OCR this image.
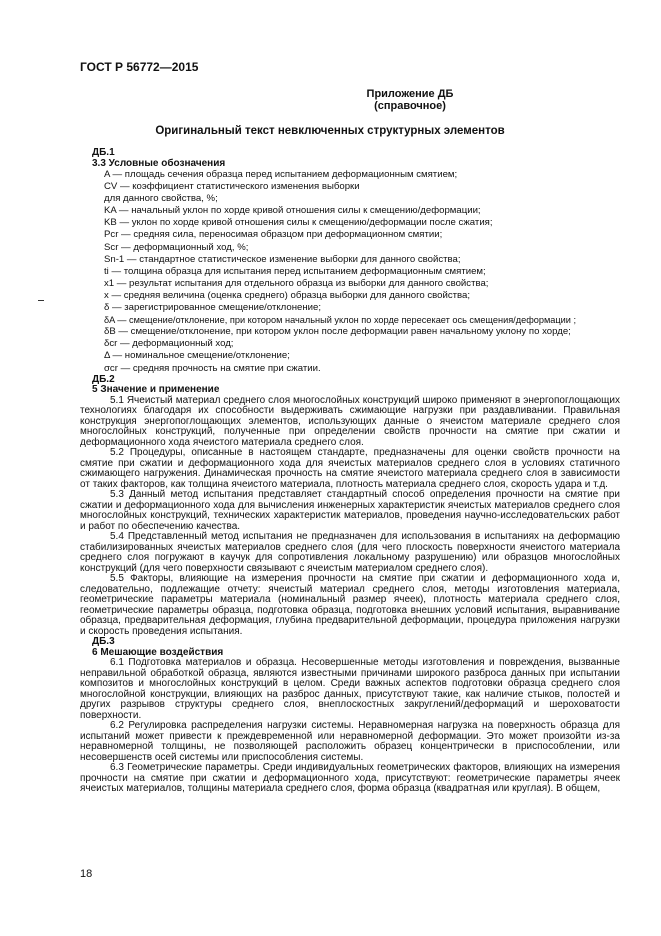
ГОСТ Р 56772—2015
Приложение ДБ
(справочное)
Оригинальный текст невключенных структурных элементов
ДБ.1
3.3 Условные обозначения
A — площадь сечения образца перед испытанием деформационным смятием;
CV — коэффициент статистического изменения выборки
для данного свойства, %;
KA — начальный уклон по хорде кривой отношения силы к смещению/деформации;
KB — уклон по хорде кривой отношения силы к смещению/деформации после сжатия;
Pcr — средняя сила, переносимая образцом при деформационном смятии;
Scr — деформационный ход, %;
Sn-1 — стандартное статистическое изменение выборки для данного свойства;
ti — толщина образца для испытания перед испытанием деформационным смятием;
x1 — результат испытания для отдельного образца из выборки для данного свойства;
x — средняя величина (оценка среднего) образца выборки для данного свойства;
δ — зарегистрированное смещение/отклонение;
δA — смещение/отклонение, при котором начальный уклон по хорде пересекает ось смещения/деформации ;
δB — смещение/отклонение, при котором уклон после деформации равен начальному уклону по хорде;
δcr — деформационный ход;
Δ — номинальное смещение/отклонение;
σcr — средняя прочность на смятие при сжатии.
ДБ.2
5 Значение и применение

5.1 Ячеистый материал среднего слоя многослойных конструкций широко применяют в энергопоглощающих технологиях благодаря их способности выдерживать сжимающие нагрузки при раздавливании. Правильная конструкция энергопоглощающих элементов, использующих данные о ячеистом материале среднего слоя многослойных конструкций, полученные при определении свойств прочности на смятие при сжатии и деформационного хода ячеистого материала среднего слоя.

5.2 Процедуры, описанные в настоящем стандарте, предназначены для оценки свойств прочности на смятие при сжатии и деформационного хода для ячеистых материалов среднего слоя в условиях статичного сжимающего нагружения. Динамическая прочность на смятие ячеистого материала среднего слоя в зависимости от таких факторов, как толщина ячеистого материала, плотность материала среднего слоя, скорость удара и т.д.

5.3 Данный метод испытания представляет стандартный способ определения прочности на смятие при сжатии и деформационного хода для вычисления инженерных характеристик ячеистых материалов среднего слоя многослойных конструкций, технических характеристик материалов, проведения научно-исследовательских работ и работ по обеспечению качества.

5.4 Представленный метод испытания не предназначен для использования в испытаниях на деформацию стабилизированных ячеистых материалов среднего слоя (для чего плоскость поверхности ячеистого материала среднего слоя погружают в каучук для сопротивления локальному разрушению) или образцов многослойных конструкций (для чего поверхности связывают с ячеистым материалом среднего слоя).

5.5 Факторы, влияющие на измерения прочности на смятие при сжатии и деформационного хода и, следовательно, подлежащие отчету: ячеистый материал среднего слоя, методы изготовления материала, геометрические параметры материала (номинальный размер ячеек), плотность материала среднего слоя, геометрические параметры образца, подготовка образца, подготовка внешних условий испытания, выравнивание образца, предварительная деформация, глубина предварительной деформации, процедура приложения нагрузки и скорость проведения испытания.

ДБ.3
6 Мешающие воздействия

6.1 Подготовка материалов и образца. Несовершенные методы изготовления и повреждения, вызванные неправильной обработкой образца, являются известными причинами широкого разброса данных при испытании композитов и многослойных конструкций в целом. Среди важных аспектов подготовки образца среднего слоя многослойной конструкции, влияющих на разброс данных, присутствуют такие, как наличие стыков, полостей и других разрывов структуры среднего слоя, внеплоскостных закруглений/деформаций и шероховатости поверхности.

6.2 Регулировка распределения нагрузки системы. Неравномерная нагрузка на поверхность образца для испытаний может привести к преждевременной или неравномерной деформации. Это может произойти из-за неравномерной толщины, не позволяющей расположить образец концентрически в приспособлении, или несовершенств осей системы или приспособления системы.

6.3 Геометрические параметры. Среди индивидуальных геометрических факторов, влияющих на измерения прочности на смятие при сжатии и деформационного хода, присутствуют: геометрические параметры ячеек ячеистых материалов, толщины материала среднего слоя, форма образца (квадратная или круглая). В общем,

18
